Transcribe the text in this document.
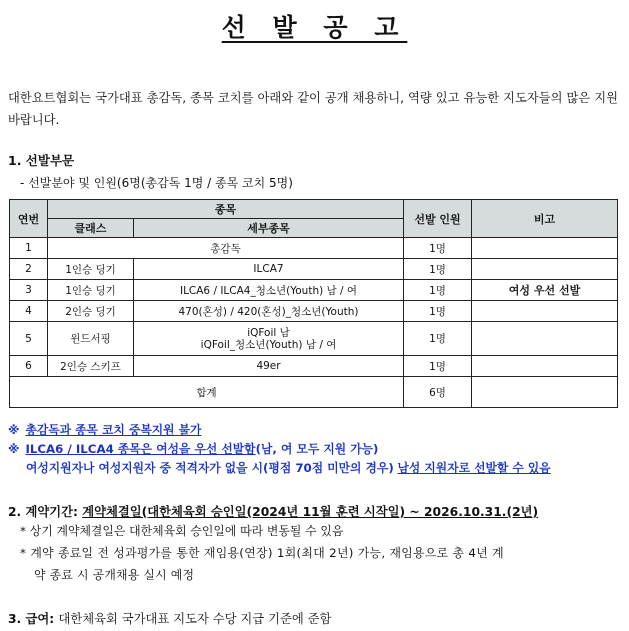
선 발 공 고
대한요트협회는 국가대표 총감독, 종목 코치를 아래와 같이 공개 채용하니, 역량 있고 유능한 지도자들의 많은 지원 바랍니다.
1. 선발부문
- 선발분야 및 인원(6명(총감독 1명 / 종목 코치 5명)
연번	종목		선발 인원	비고
	클래스	세부종목		
1	총감독		1명	
2	1인승 딩기	ILCA7	1명	
3	1인승 딩기	ILCA6 / ILCA4_청소년(Youth) 남 / 여	1명	여성 우선 선발
4	2인승 딩기	470(혼성) / 420(혼성)_청소년(Youth)	1명	
5	윈드서핑	iQFoil 남
iQFoil_청소년(Youth) 남 / 여	1명	
6	2인승 스키프	49er	1명	
합계			6명	
※ 총감독과 종목 코치 중복지원 불가
※ ILCA6 / ILCA4 종목은 여성을 우선 선발함(남, 여 모두 지원 가능)
여성지원자나 여성지원자 중 적격자가 없을 시(평점 70점 미만의 경우) 남성 지원자로 선발할 수 있음
2. 계약기간: 계약체결일(대한체육회 승인일(2024년 11월 훈련 시작일) ~ 2026.10.31.(2년)
* 상기 계약체결일은 대한체육회 승인일에 따라 변동될 수 있음
* 계약 종료일 전 성과평가를 통한 재임용(연장) 1회(최대 2년) 가능, 재임용으로 총 4년 계
약 종료 시 공개채용 실시 예정
3. 급여: 대한체육회 국가대표 지도자 수당 지급 기준에 준함
